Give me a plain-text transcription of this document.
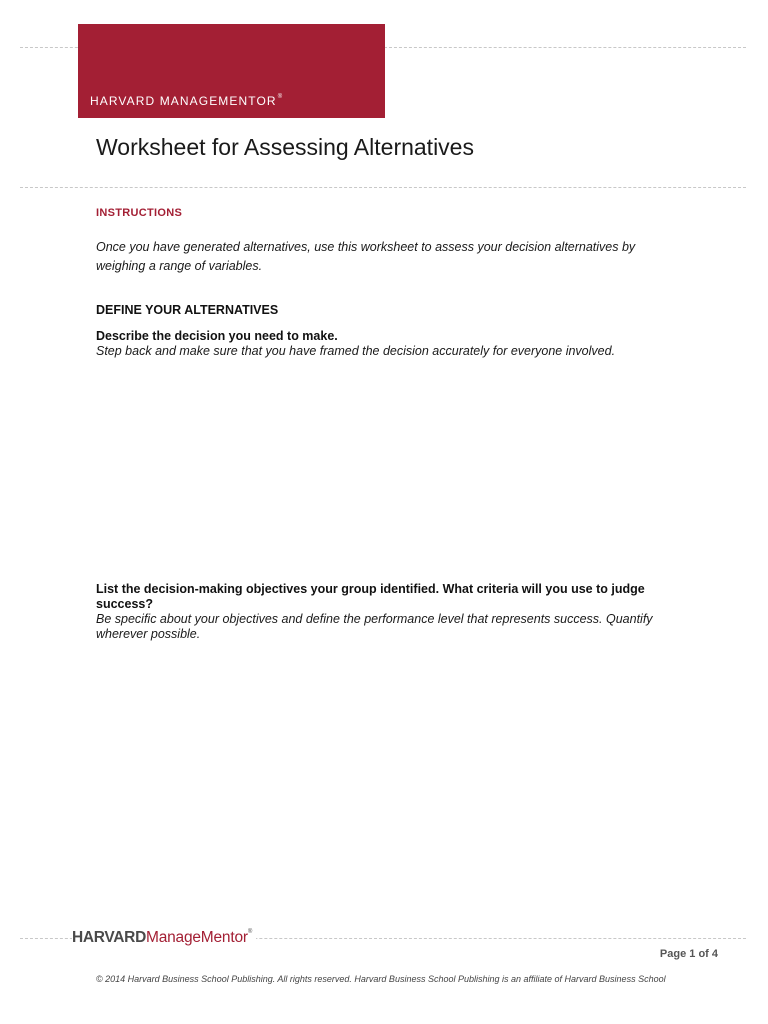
HARVARD MANAGEMENTOR®
Worksheet for Assessing Alternatives
INSTRUCTIONS
Once you have generated alternatives, use this worksheet to assess your decision alternatives by weighing a range of variables.
DEFINE YOUR ALTERNATIVES
Describe the decision you need to make.
Step back and make sure that you have framed the decision accurately for everyone involved.
List the decision-making objectives your group identified. What criteria will you use to judge success?
Be specific about your objectives and define the performance level that represents success. Quantify wherever possible.
HARVARDManageMentor®
Page 1 of 4
© 2014 Harvard Business School Publishing. All rights reserved. Harvard Business School Publishing is an affiliate of Harvard Business School
